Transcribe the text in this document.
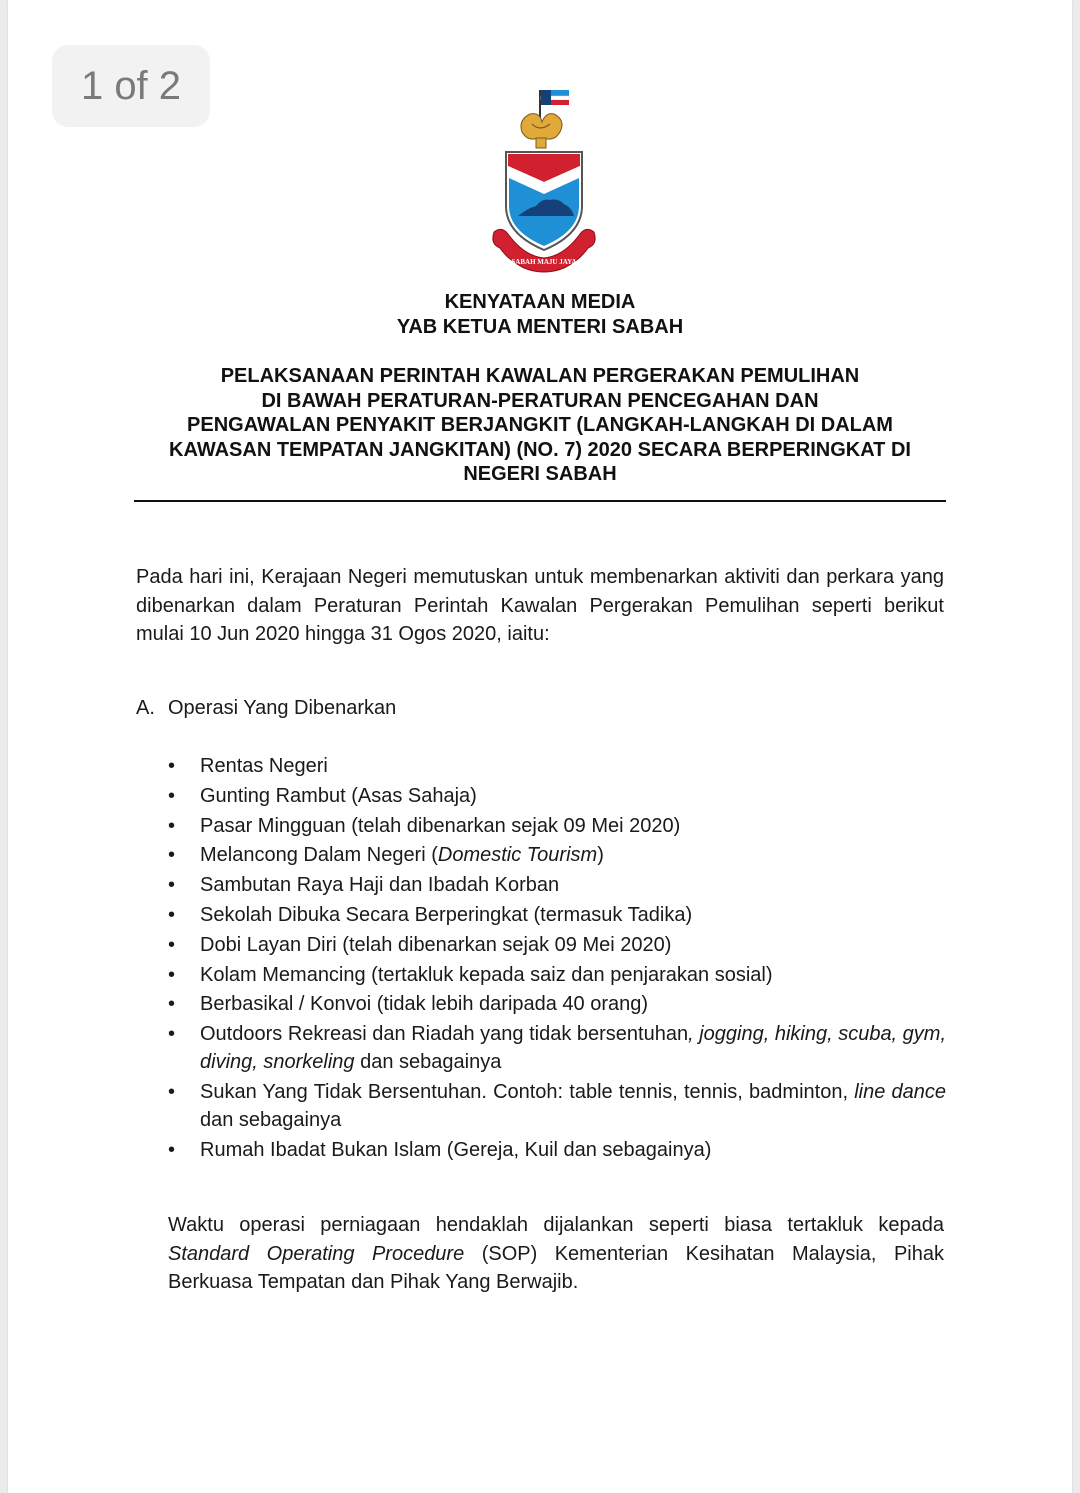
1 of 2
SABAH MAJU JAYA
KENYATAAN MEDIA
YAB KETUA MENTERI SABAH
PELAKSANAAN PERINTAH KAWALAN PERGERAKAN PEMULIHAN
DI BAWAH PERATURAN-PERATURAN PENCEGAHAN DAN
PENGAWALAN PENYAKIT BERJANGKIT (LANGKAH-LANGKAH DI DALAM
KAWASAN TEMPATAN JANGKITAN) (NO. 7) 2020 SECARA BERPERINGKAT DI
NEGERI SABAH

Pada hari ini, Kerajaan Negeri memutuskan untuk membenarkan aktiviti dan perkara yang dibenarkan dalam Peraturan Perintah Kawalan Pergerakan Pemulihan seperti berikut mulai 10 Jun 2020 hingga 31 Ogos 2020, iaitu:

A. Operasi Yang Dibenarkan
• Rentas Negeri
• Gunting Rambut (Asas Sahaja)
• Pasar Mingguan (telah dibenarkan sejak 09 Mei 2020)
• Melancong Dalam Negeri (Domestic Tourism)
• Sambutan Raya Haji dan Ibadah Korban
• Sekolah Dibuka Secara Berperingkat (termasuk Tadika)
• Dobi Layan Diri (telah dibenarkan sejak 09 Mei 2020)
• Kolam Memancing (tertakluk kepada saiz dan penjarakan sosial)
• Berbasikal / Konvoi (tidak lebih daripada 40 orang)
• Outdoors Rekreasi dan Riadah yang tidak bersentuhan, jogging, hiking, scuba, gym, diving, snorkeling dan sebagainya
• Sukan Yang Tidak Bersentuhan. Contoh: table tennis, tennis, badminton, line dance dan sebagainya
• Rumah Ibadat Bukan Islam (Gereja, Kuil dan sebagainya)

Waktu operasi perniagaan hendaklah dijalankan seperti biasa tertakluk kepada Standard Operating Procedure (SOP) Kementerian Kesihatan Malaysia, Pihak Berkuasa Tempatan dan Pihak Yang Berwajib.
